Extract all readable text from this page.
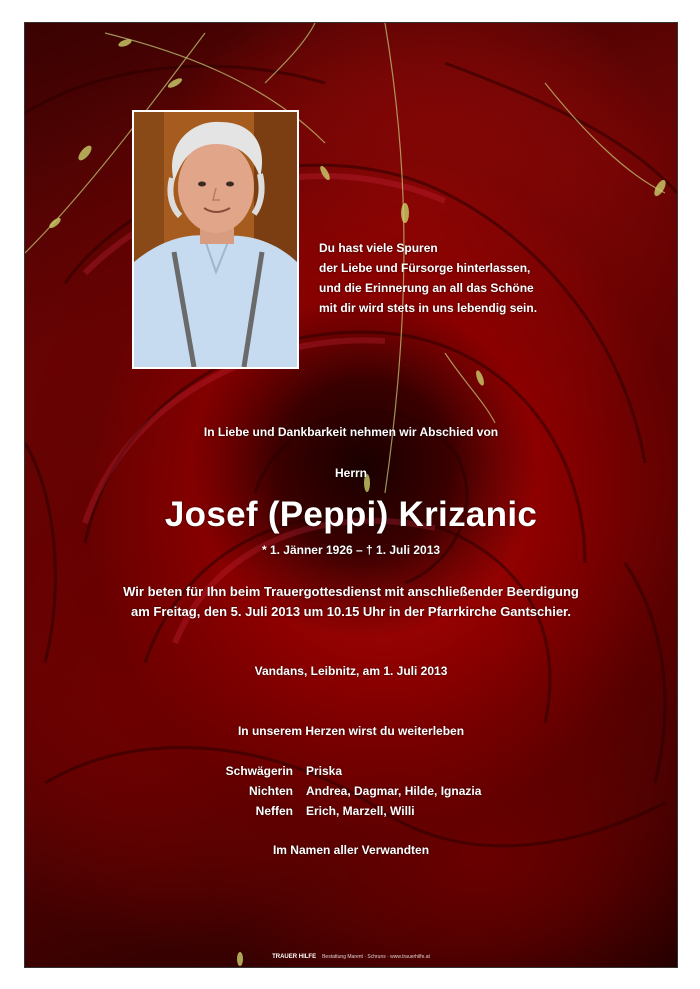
Du hast viele Spuren
der Liebe und Fürsorge hinterlassen,
und die Erinnerung an all das Schöne
mit dir wird stets in uns lebendig sein.
In Liebe und Dankbarkeit nehmen wir Abschied von
Herrn
Josef (Peppi) Krizanic
* 1. Jänner 1926 – † 1. Juli 2013
Wir beten für Ihn beim Trauergottesdienst mit anschließender Beerdigung
am Freitag, den 5. Juli 2013 um 10.15 Uhr in der Pfarrkirche Gantschier.
Vandans, Leibnitz, am 1. Juli 2013
In unserem Herzen wirst du weiterleben
Schwägerin
Nichten
Neffen
Priska
Andrea, Dagmar, Hilde, Ignazia
Erich, Marzell, Willi
Im Namen aller Verwandten
TRAUER HILFE Bestattung Marent · Schruns · www.trauerhilfe.at
